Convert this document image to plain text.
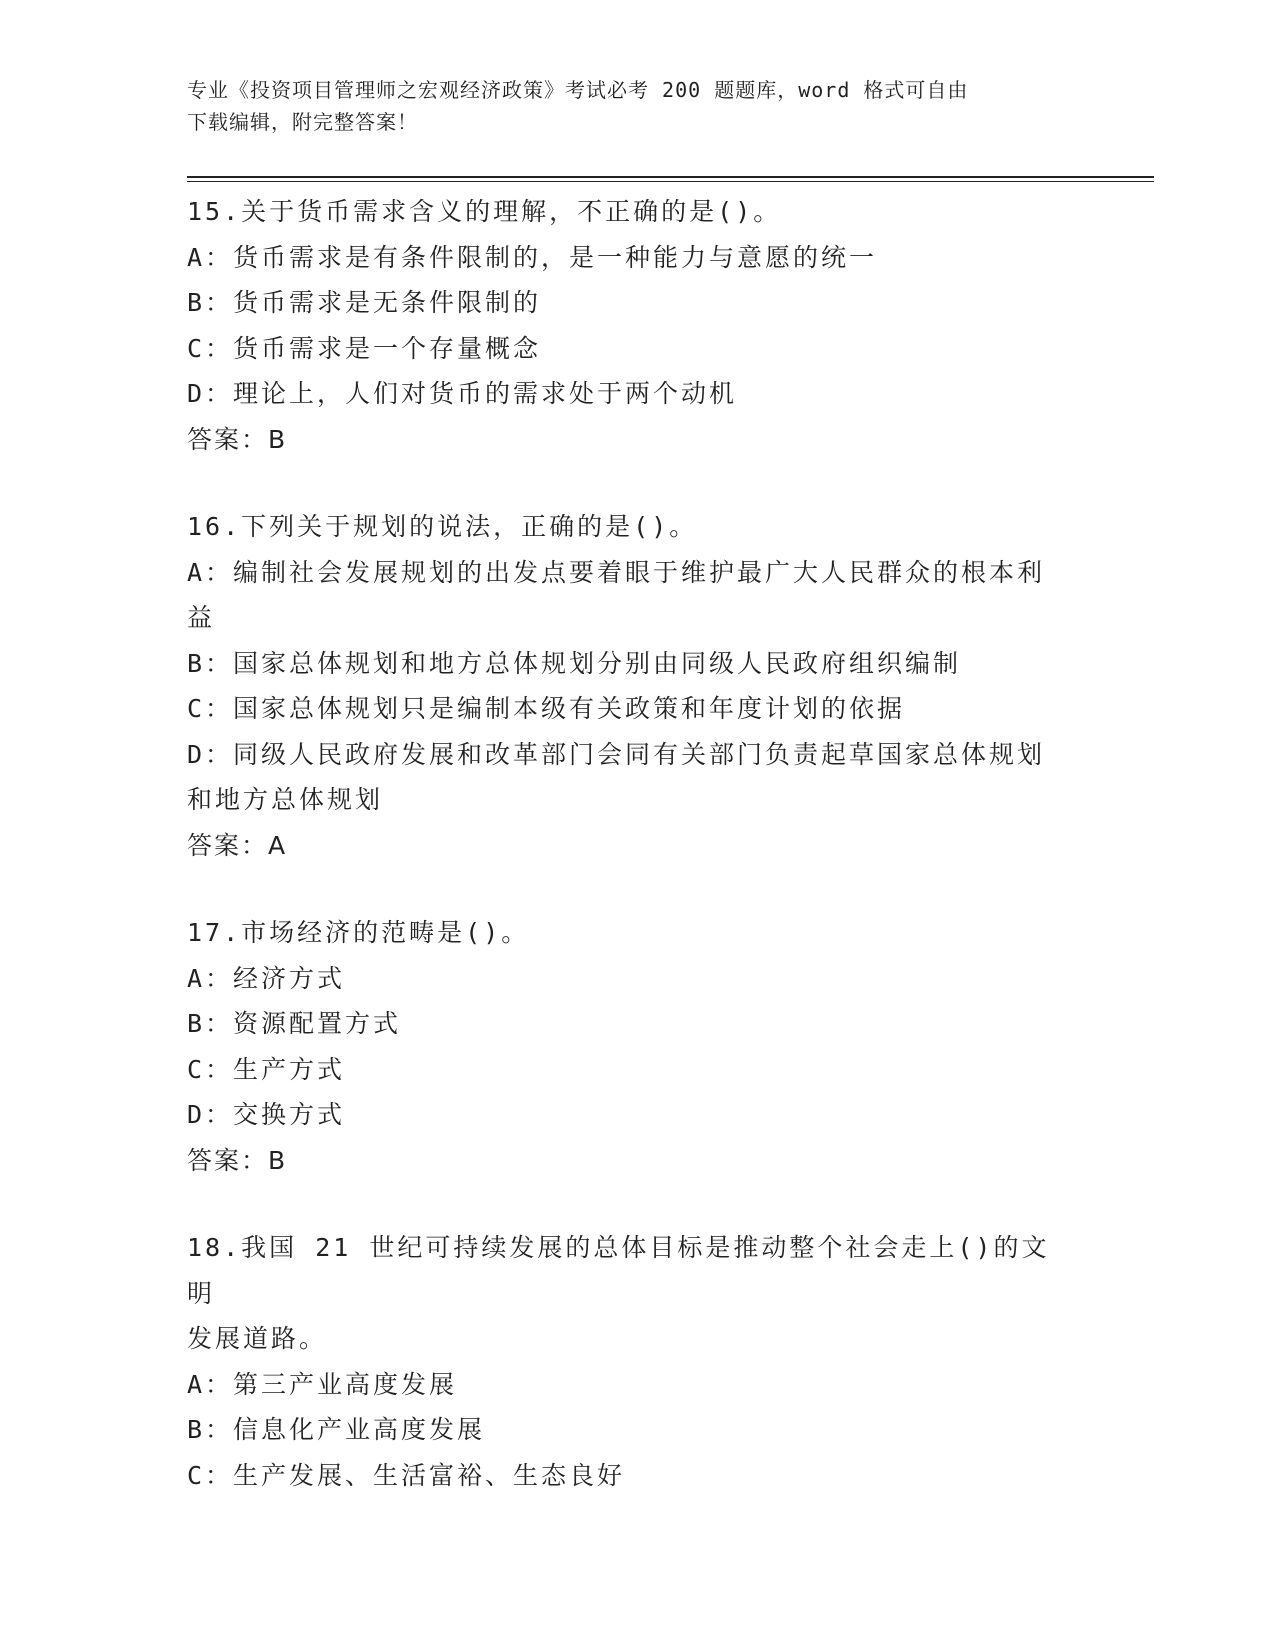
专业《投资项目管理师之宏观经济政策》考试必考 200 题题库，word 格式可自由
下载编辑，附完整答案！
15.关于货币需求含义的理解，不正确的是()。
A：货币需求是有条件限制的，是一种能力与意愿的统一
B：货币需求是无条件限制的
C：货币需求是一个存量概念
D：理论上，人们对货币的需求处于两个动机
答案：B
16.下列关于规划的说法，正确的是()。
A：编制社会发展规划的出发点要着眼于维护最广大人民群众的根本利
益
B：国家总体规划和地方总体规划分别由同级人民政府组织编制
C：国家总体规划只是编制本级有关政策和年度计划的依据
D：同级人民政府发展和改革部门会同有关部门负责起草国家总体规划
和地方总体规划
答案：A
17.市场经济的范畴是()。
A：经济方式
B：资源配置方式
C：生产方式
D：交换方式
答案：B
18.我国 21 世纪可持续发展的总体目标是推动整个社会走上()的文明
发展道路。
A：第三产业高度发展
B：信息化产业高度发展
C：生产发展、生活富裕、生态良好
